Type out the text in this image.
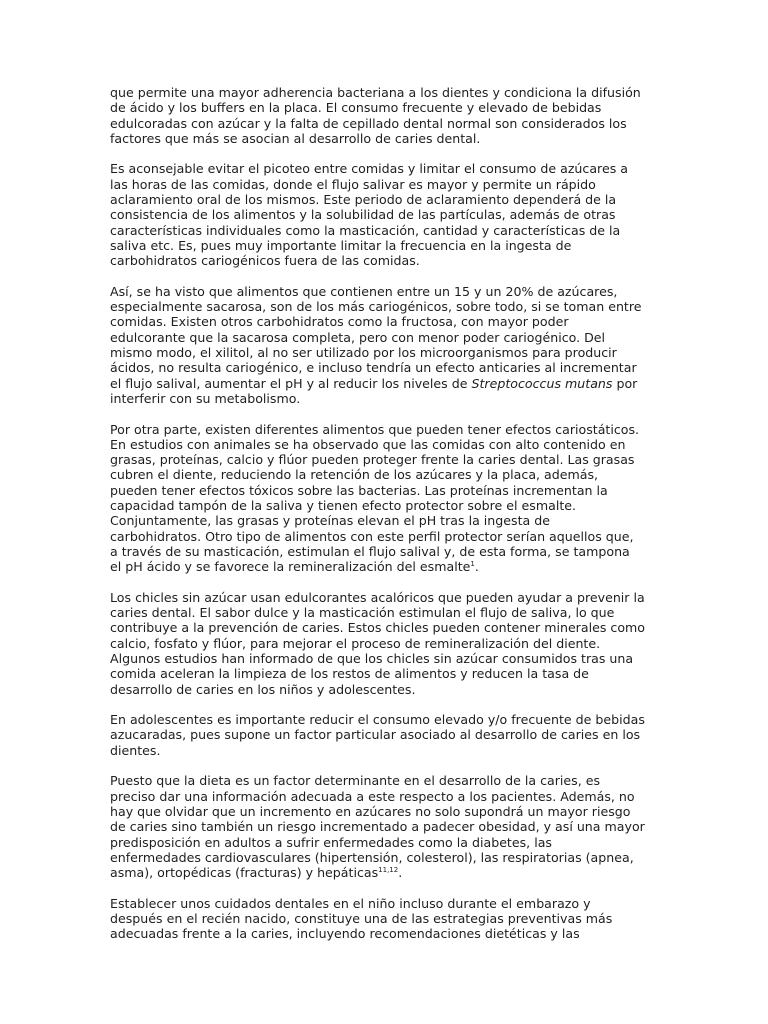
que permite una mayor adherencia bacteriana a los dientes y condiciona la difusión
de ácido y los buffers en la placa. El consumo frecuente y elevado de bebidas
edulcoradas con azúcar y la falta de cepillado dental normal son considerados los
factores que más se asocian al desarrollo de caries dental.

Es aconsejable evitar el picoteo entre comidas y limitar el consumo de azúcares a
las horas de las comidas, donde el flujo salivar es mayor y permite un rápido
aclaramiento oral de los mismos. Este periodo de aclaramiento dependerá de la
consistencia de los alimentos y la solubilidad de las partículas, además de otras
características individuales como la masticación, cantidad y características de la
saliva etc. Es, pues muy importante limitar la frecuencia en la ingesta de
carbohidratos cariogénicos fuera de las comidas.

Así, se ha visto que alimentos que contienen entre un 15 y un 20% de azúcares,
especialmente sacarosa, son de los más cariogénicos, sobre todo, si se toman entre
comidas. Existen otros carbohidratos como la fructosa, con mayor poder
edulcorante que la sacarosa completa, pero con menor poder cariogénico. Del
mismo modo, el xilitol, al no ser utilizado por los microorganismos para producir
ácidos, no resulta cariogénico, e incluso tendría un efecto anticaries al incrementar
el flujo salival, aumentar el pH y al reducir los niveles de Streptococcus mutans por
interferir con su metabolismo.

Por otra parte, existen diferentes alimentos que pueden tener efectos cariostáticos.
En estudios con animales se ha observado que las comidas con alto contenido en
grasas, proteínas, calcio y flúor pueden proteger frente la caries dental. Las grasas
cubren el diente, reduciendo la retención de los azúcares y la placa, además,
pueden tener efectos tóxicos sobre las bacterias. Las proteínas incrementan la
capacidad tampón de la saliva y tienen efecto protector sobre el esmalte.
Conjuntamente, las grasas y proteínas elevan el pH tras la ingesta de
carbohidratos. Otro tipo de alimentos con este perfil protector serían aquellos que,
a través de su masticación, estimulan el flujo salival y, de esta forma, se tampona
el pH ácido y se favorece la remineralización del esmalte$^1$.

Los chicles sin azúcar usan edulcorantes acalóricos que pueden ayudar a prevenir la
caries dental. El sabor dulce y la masticación estimulan el flujo de saliva, lo que
contribuye a la prevención de caries. Estos chicles pueden contener minerales como
calcio, fosfato y flúor, para mejorar el proceso de remineralización del diente.
Algunos estudios han informado de que los chicles sin azúcar consumidos tras una
comida aceleran la limpieza de los restos de alimentos y reducen la tasa de
desarrollo de caries en los niños y adolescentes.

En adolescentes es importante reducir el consumo elevado y/o frecuente de bebidas
azucaradas, pues supone un factor particular asociado al desarrollo de caries en los
dientes.

Puesto que la dieta es un factor determinante en el desarrollo de la caries, es
preciso dar una información adecuada a este respecto a los pacientes. Además, no
hay que olvidar que un incremento en azúcares no solo supondrá un mayor riesgo
de caries sino también un riesgo incrementado a padecer obesidad, y así una mayor
predisposición en adultos a sufrir enfermedades como la diabetes, las
enfermedades cardiovasculares (hipertensión, colesterol), las respiratorias (apnea,
asma), ortopédicas (fracturas) y hepáticas$^{11,12}$.

Establecer unos cuidados dentales en el niño incluso durante el embarazo y
después en el recién nacido, constituye una de las estrategias preventivas más
adecuadas frente a la caries, incluyendo recomendaciones dietéticas y las
